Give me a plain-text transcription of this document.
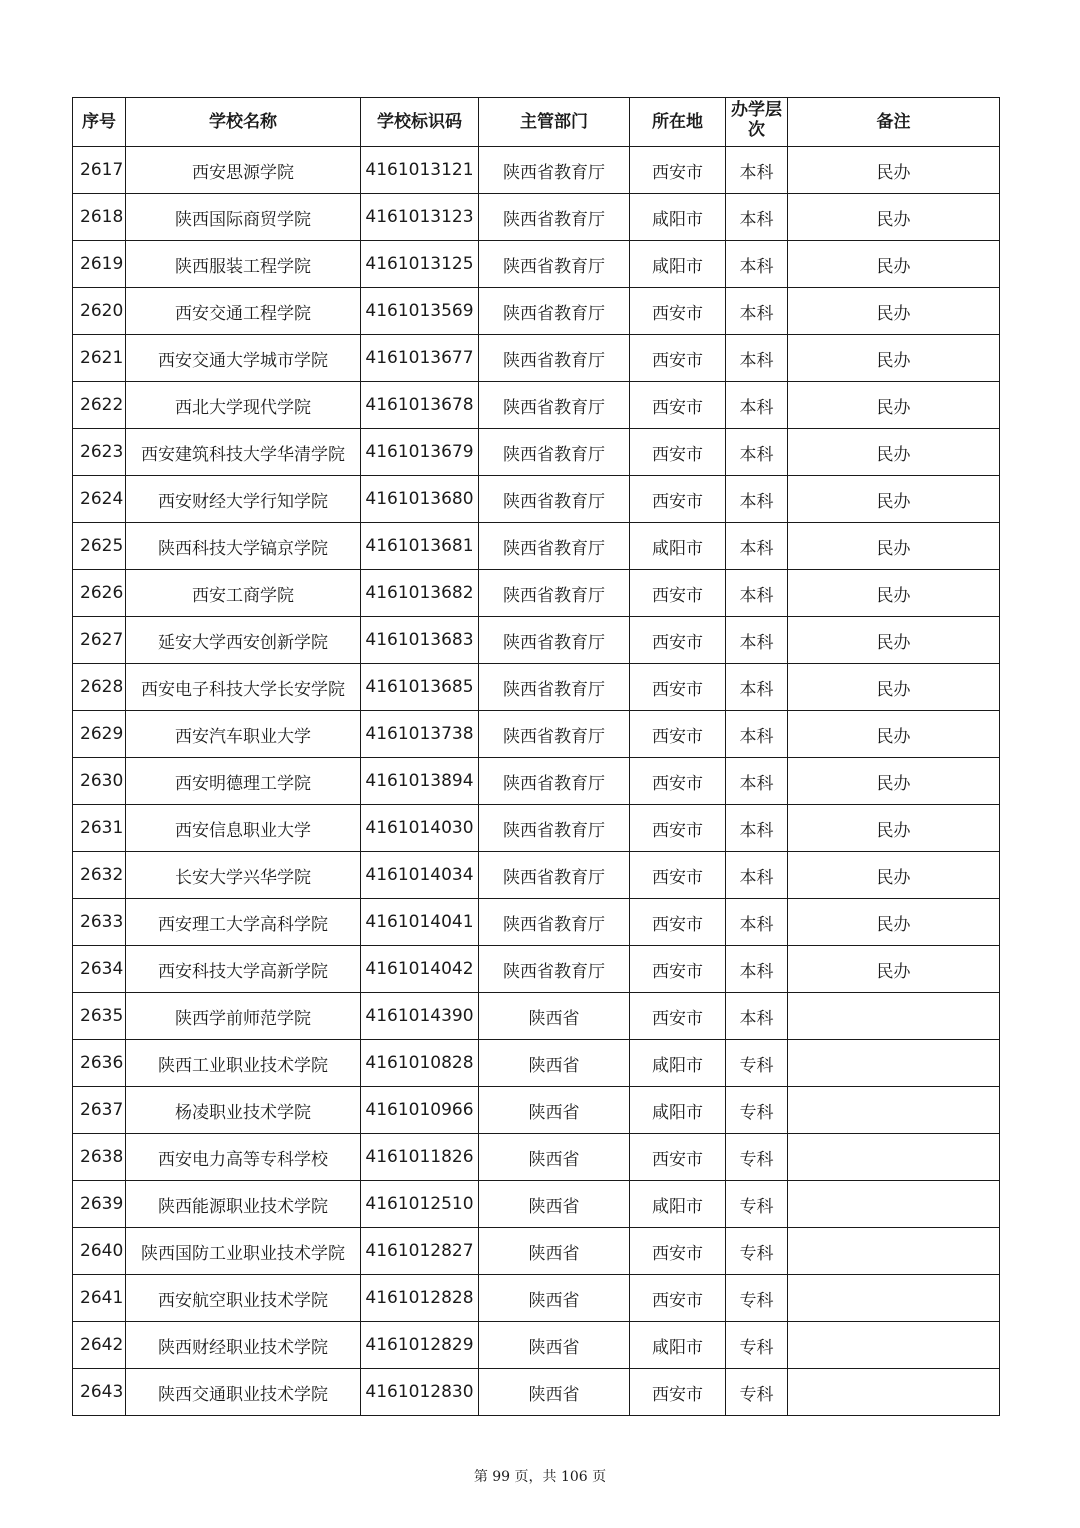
序号	学校名称	学校标识码	主管部门	所在地	办学层次	备注
2617	西安思源学院	4161013121	陕西省教育厅	西安市	本科	民办
2618	陕西国际商贸学院	4161013123	陕西省教育厅	咸阳市	本科	民办
2619	陕西服装工程学院	4161013125	陕西省教育厅	咸阳市	本科	民办
2620	西安交通工程学院	4161013569	陕西省教育厅	西安市	本科	民办
2621	西安交通大学城市学院	4161013677	陕西省教育厅	西安市	本科	民办
2622	西北大学现代学院	4161013678	陕西省教育厅	西安市	本科	民办
2623	西安建筑科技大学华清学院	4161013679	陕西省教育厅	西安市	本科	民办
2624	西安财经大学行知学院	4161013680	陕西省教育厅	西安市	本科	民办
2625	陕西科技大学镐京学院	4161013681	陕西省教育厅	咸阳市	本科	民办
2626	西安工商学院	4161013682	陕西省教育厅	西安市	本科	民办
2627	延安大学西安创新学院	4161013683	陕西省教育厅	西安市	本科	民办
2628	西安电子科技大学长安学院	4161013685	陕西省教育厅	西安市	本科	民办
2629	西安汽车职业大学	4161013738	陕西省教育厅	西安市	本科	民办
2630	西安明德理工学院	4161013894	陕西省教育厅	西安市	本科	民办
2631	西安信息职业大学	4161014030	陕西省教育厅	西安市	本科	民办
2632	长安大学兴华学院	4161014034	陕西省教育厅	西安市	本科	民办
2633	西安理工大学高科学院	4161014041	陕西省教育厅	西安市	本科	民办
2634	西安科技大学高新学院	4161014042	陕西省教育厅	西安市	本科	民办
2635	陕西学前师范学院	4161014390	陕西省	西安市	本科	
2636	陕西工业职业技术学院	4161010828	陕西省	咸阳市	专科	
2637	杨凌职业技术学院	4161010966	陕西省	咸阳市	专科	
2638	西安电力高等专科学校	4161011826	陕西省	西安市	专科	
2639	陕西能源职业技术学院	4161012510	陕西省	咸阳市	专科	
2640	陕西国防工业职业技术学院	4161012827	陕西省	西安市	专科	
2641	西安航空职业技术学院	4161012828	陕西省	西安市	专科	
2642	陕西财经职业技术学院	4161012829	陕西省	咸阳市	专科	
2643	陕西交通职业技术学院	4161012830	陕西省	西安市	专科	
第 99 页，共 106 页
